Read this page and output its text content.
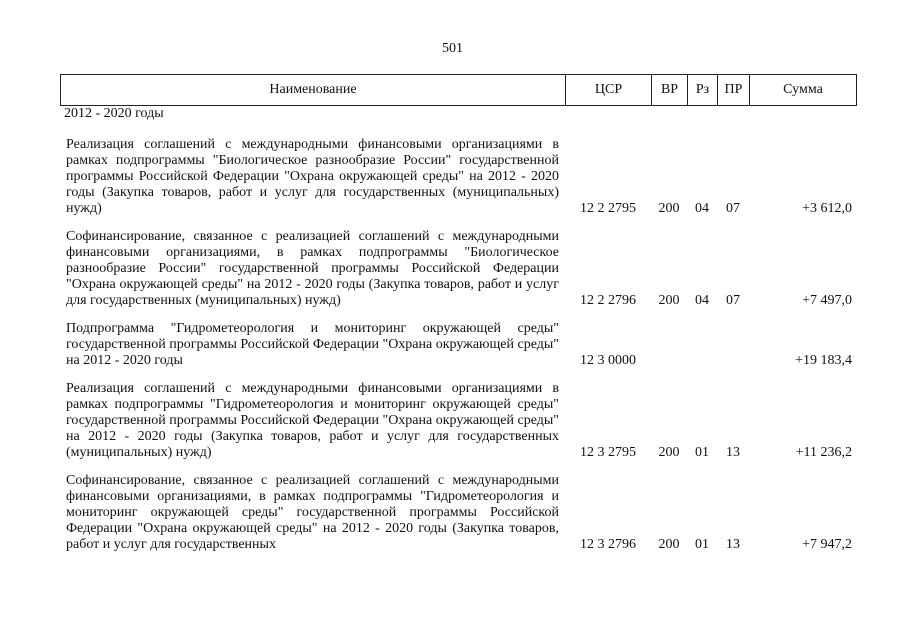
501
Наименование	ЦСР	ВР	Рз	ПР	Сумма
2012 - 2020 годы					

Реализация соглашений с международными финансовыми организациями в рамках подпрограммы "Биологическое разнообразие России" государственной программы Российской Федерации "Охрана окружающей среды" на 2012 - 2020 годы (Закупка товаров, работ и услуг для государственных (муниципальных) нужд)	12 2 2795	200	04	07	+3 612,0

Софинансирование, связанное с реализацией соглашений с международными финансовыми организациями, в рамках подпрограммы "Биологическое разнообразие России" государственной программы Российской Федерации "Охрана окружающей среды" на 2012 - 2020 годы (Закупка товаров, работ и услуг для государственных (муниципальных) нужд)	12 2 2796	200	04	07	+7 497,0

Подпрограмма "Гидрометеорология и мониторинг окружающей среды" государственной программы Российской Федерации "Охрана окружающей среды" на 2012 - 2020 годы	12 3 0000				+19 183,4

Реализация соглашений с международными финансовыми организациями в рамках подпрограммы "Гидрометеорология и мониторинг окружающей среды" государственной программы Российской Федерации "Охрана окружающей среды" на 2012 - 2020 годы (Закупка товаров, работ и услуг для государственных (муниципальных) нужд)	12 3 2795	200	01	13	+11 236,2

Софинансирование, связанное с реализацией соглашений с международными финансовыми организациями, в рамках подпрограммы "Гидрометеорология и мониторинг окружающей среды" государственной программы Российской Федерации "Охрана окружающей среды" на 2012 - 2020 годы (Закупка товаров, работ и услуг для государственных	12 3 2796	200	01	13	+7 947,2
